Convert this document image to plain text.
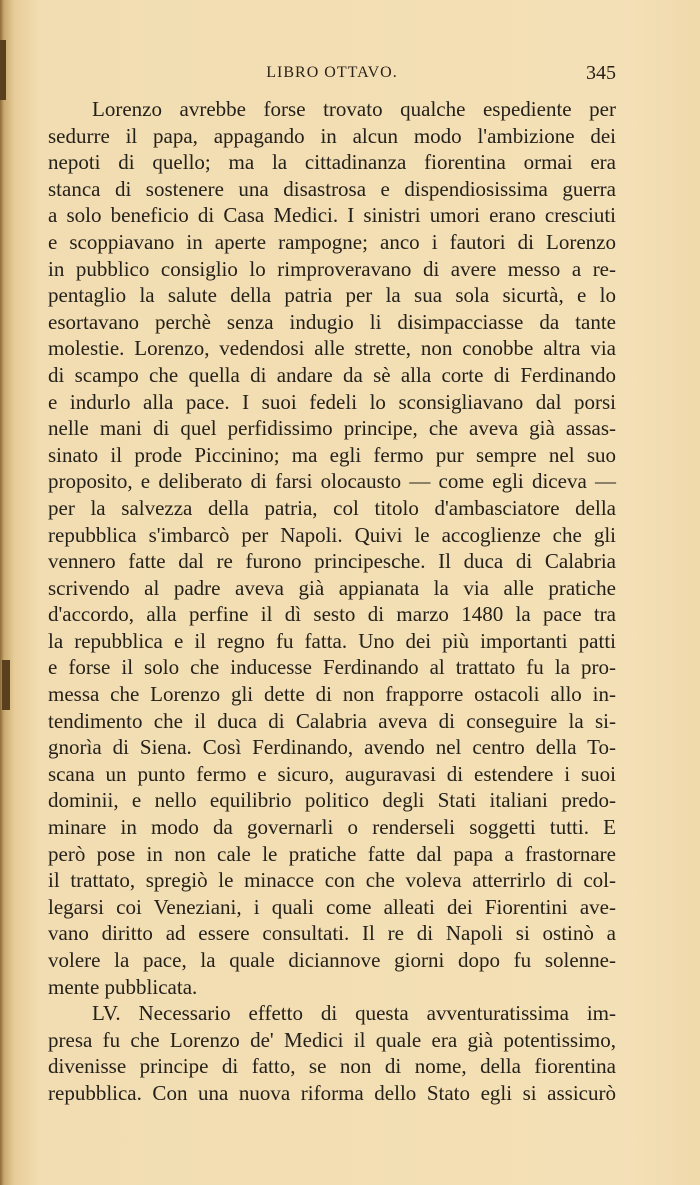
LIBRO OTTAVO.	345
Lorenzo avrebbe forse trovato qualche espediente per
sedurre il papa, appagando in alcun modo l'ambizione dei
nepoti di quello; ma la cittadinanza fiorentina ormai era
stanca di sostenere una disastrosa e dispendiosissima guerra
a solo beneficio di Casa Medici. I sinistri umori erano cresciuti
e scoppiavano in aperte rampogne; anco i fautori di Lorenzo
in pubblico consiglio lo rimproveravano di avere messo a re-
pentaglio la salute della patria per la sua sola sicurtà, e lo
esortavano perchè senza indugio li disimpacciasse da tante
molestie. Lorenzo, vedendosi alle strette, non conobbe altra via
di scampo che quella di andare da sè alla corte di Ferdinando
e indurlo alla pace. I suoi fedeli lo sconsigliavano dal porsi
nelle mani di quel perfidissimo principe, che aveva già assas-
sinato il prode Piccinino; ma egli fermo pur sempre nel suo
proposito, e deliberato di farsi olocausto — come egli diceva —
per la salvezza della patria, col titolo d'ambasciatore della
repubblica s'imbarcò per Napoli. Quivi le accoglienze che gli
vennero fatte dal re furono principesche. Il duca di Calabria
scrivendo al padre aveva già appianata la via alle pratiche
d'accordo, alla perfine il dì sesto di marzo 1480 la pace tra
la repubblica e il regno fu fatta. Uno dei più importanti patti
e forse il solo che inducesse Ferdinando al trattato fu la pro-
messa che Lorenzo gli dette di non frapporre ostacoli allo in-
tendimento che il duca di Calabria aveva di conseguire la si-
gnorìa di Siena. Così Ferdinando, avendo nel centro della To-
scana un punto fermo e sicuro, auguravasi di estendere i suoi
dominii, e nello equilibrio politico degli Stati italiani predo-
minare in modo da governarli o renderseli soggetti tutti. E
però pose in non cale le pratiche fatte dal papa a frastornare
il trattato, spregiò le minacce con che voleva atterrirlo di col-
legarsi coi Veneziani, i quali come alleati dei Fiorentini ave-
vano diritto ad essere consultati. Il re di Napoli si ostinò a
volere la pace, la quale diciannove giorni dopo fu solenne-
mente pubblicata.
LV. Necessario effetto di questa avventuratissima im-
presa fu che Lorenzo de' Medici il quale era già potentissimo,
divenisse principe di fatto, se non di nome, della fiorentina
repubblica. Con una nuova riforma dello Stato egli si assicurò
